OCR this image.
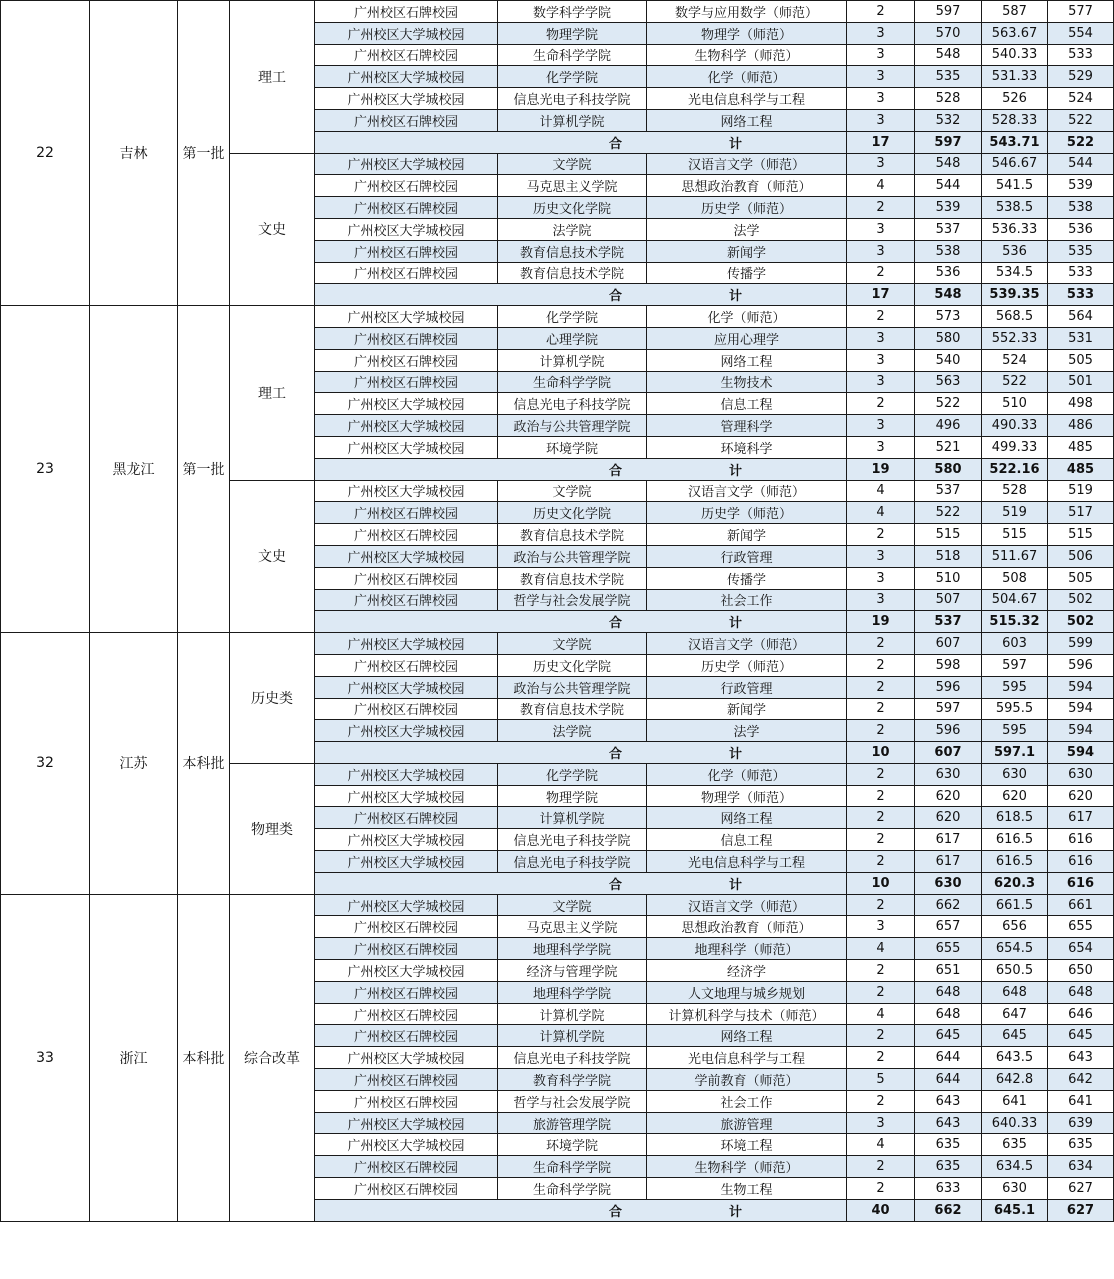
22	吉林	第一批	理工	广州校区石牌校园	数学科学学院	数学与应用数学（师范）	2	597	587	577
				广州校区大学城校园	物理学院	物理学（师范）	3	570	563.67	554
				广州校区石牌校园	生命科学学院	生物科学（师范）	3	548	540.33	533
				广州校区大学城校园	化学学院	化学（师范）	3	535	531.33	529
				广州校区大学城校园	信息光电子科技学院	光电信息科学与工程	3	528	526	524
				广州校区石牌校园	计算机学院	网络工程	3	532	528.33	522
				合 计			17	597	543.71	522
			文史	广州校区大学城校园	文学院	汉语言文学（师范）	3	548	546.67	544
				广州校区石牌校园	马克思主义学院	思想政治教育（师范）	4	544	541.5	539
				广州校区石牌校园	历史文化学院	历史学（师范）	2	539	538.5	538
				广州校区大学城校园	法学院	法学	3	537	536.33	536
				广州校区石牌校园	教育信息技术学院	新闻学	3	538	536	535
				广州校区石牌校园	教育信息技术学院	传播学	2	536	534.5	533
				合 计			17	548	539.35	533
23	黑龙江	第一批	理工	广州校区大学城校园	化学学院	化学（师范）	2	573	568.5	564
				广州校区石牌校园	心理学院	应用心理学	3	580	552.33	531
				广州校区石牌校园	计算机学院	网络工程	3	540	524	505
				广州校区石牌校园	生命科学学院	生物技术	3	563	522	501
				广州校区大学城校园	信息光电子科技学院	信息工程	2	522	510	498
				广州校区大学城校园	政治与公共管理学院	管理科学	3	496	490.33	486
				广州校区大学城校园	环境学院	环境科学	3	521	499.33	485
				合 计			19	580	522.16	485
			文史	广州校区大学城校园	文学院	汉语言文学（师范）	4	537	528	519
				广州校区石牌校园	历史文化学院	历史学（师范）	4	522	519	517
				广州校区石牌校园	教育信息技术学院	新闻学	2	515	515	515
				广州校区大学城校园	政治与公共管理学院	行政管理	3	518	511.67	506
				广州校区石牌校园	教育信息技术学院	传播学	3	510	508	505
				广州校区石牌校园	哲学与社会发展学院	社会工作	3	507	504.67	502
				合 计			19	537	515.32	502
32	江苏	本科批	历史类	广州校区大学城校园	文学院	汉语言文学（师范）	2	607	603	599
				广州校区石牌校园	历史文化学院	历史学（师范）	2	598	597	596
				广州校区大学城校园	政治与公共管理学院	行政管理	2	596	595	594
				广州校区石牌校园	教育信息技术学院	新闻学	2	597	595.5	594
				广州校区大学城校园	法学院	法学	2	596	595	594
				合 计			10	607	597.1	594
			物理类	广州校区大学城校园	化学学院	化学（师范）	2	630	630	630
				广州校区大学城校园	物理学院	物理学（师范）	2	620	620	620
				广州校区石牌校园	计算机学院	网络工程	2	620	618.5	617
				广州校区大学城校园	信息光电子科技学院	信息工程	2	617	616.5	616
				广州校区大学城校园	信息光电子科技学院	光电信息科学与工程	2	617	616.5	616
				合 计			10	630	620.3	616
33	浙江	本科批	综合改革	广州校区大学城校园	文学院	汉语言文学（师范）	2	662	661.5	661
				广州校区石牌校园	马克思主义学院	思想政治教育（师范）	3	657	656	655
				广州校区石牌校园	地理科学学院	地理科学（师范）	4	655	654.5	654
				广州校区大学城校园	经济与管理学院	经济学	2	651	650.5	650
				广州校区石牌校园	地理科学学院	人文地理与城乡规划	2	648	648	648
				广州校区石牌校园	计算机学院	计算机科学与技术（师范）	4	648	647	646
				广州校区石牌校园	计算机学院	网络工程	2	645	645	645
				广州校区大学城校园	信息光电子科技学院	光电信息科学与工程	2	644	643.5	643
				广州校区石牌校园	教育科学学院	学前教育（师范）	5	644	642.8	642
				广州校区石牌校园	哲学与社会发展学院	社会工作	2	643	641	641
				广州校区大学城校园	旅游管理学院	旅游管理	3	643	640.33	639
				广州校区大学城校园	环境学院	环境工程	4	635	635	635
				广州校区石牌校园	生命科学学院	生物科学（师范）	2	635	634.5	634
				广州校区石牌校园	生命科学学院	生物工程	2	633	630	627
				合 计			40	662	645.1	627
